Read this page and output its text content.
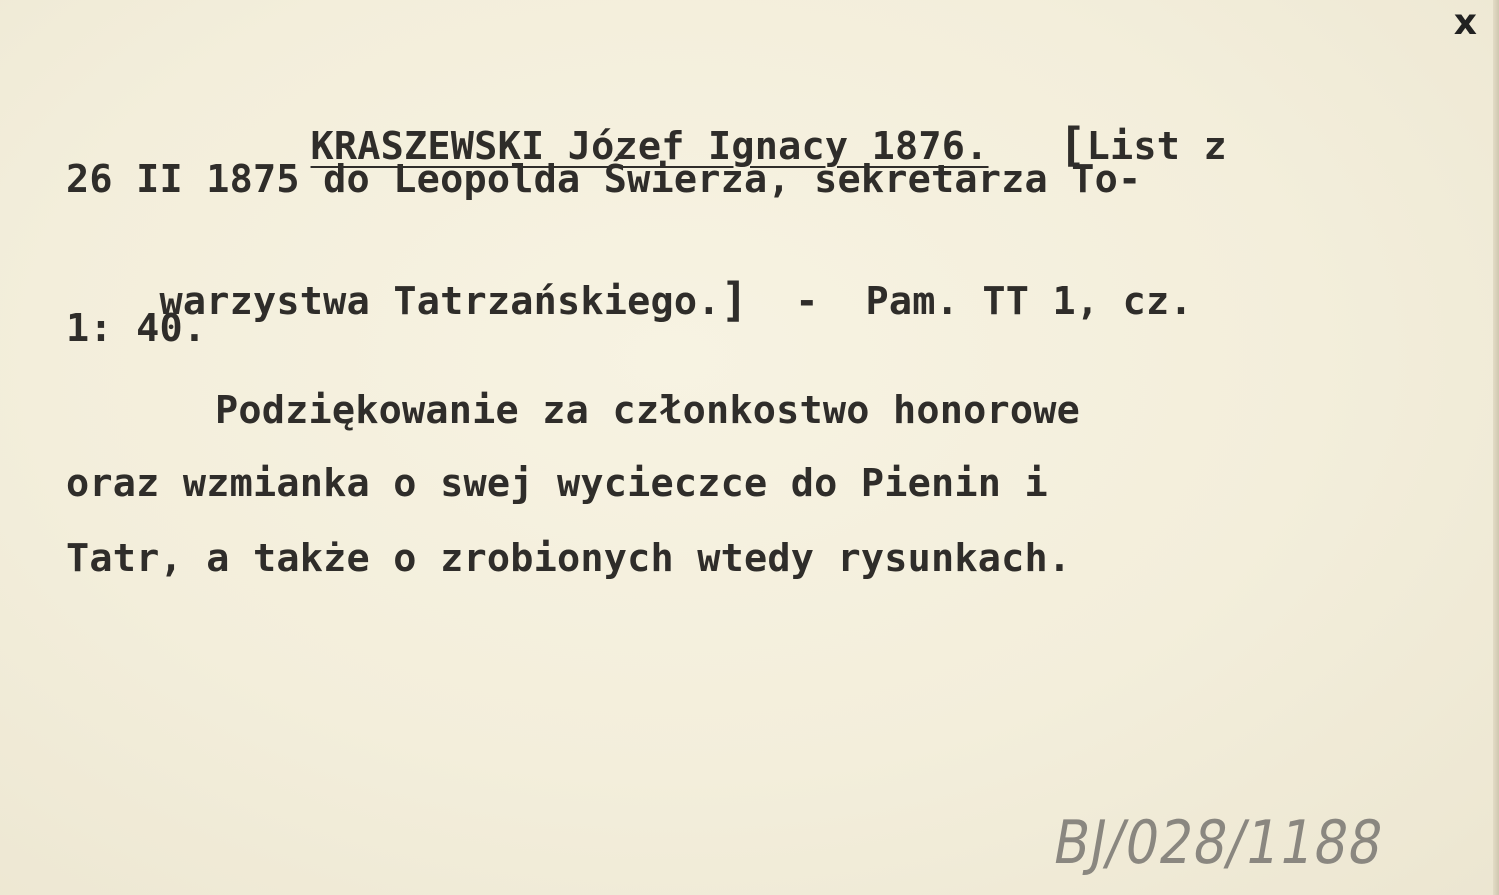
x

KRASZEWSKI Józef Ignacy 1876. [List z

26 II 1875 do Leopolda Świerza, sekretarza To-

warzystwa Tatrzańskiego.]  -  Pam. TT 1, cz.

1: 40.
Podziękowanie za członkostwo honorowe
oraz wzmianka o swej wycieczce do Pienin i
Tatr, a także o zrobionych wtedy rysunkach.
BJ/028/1188
